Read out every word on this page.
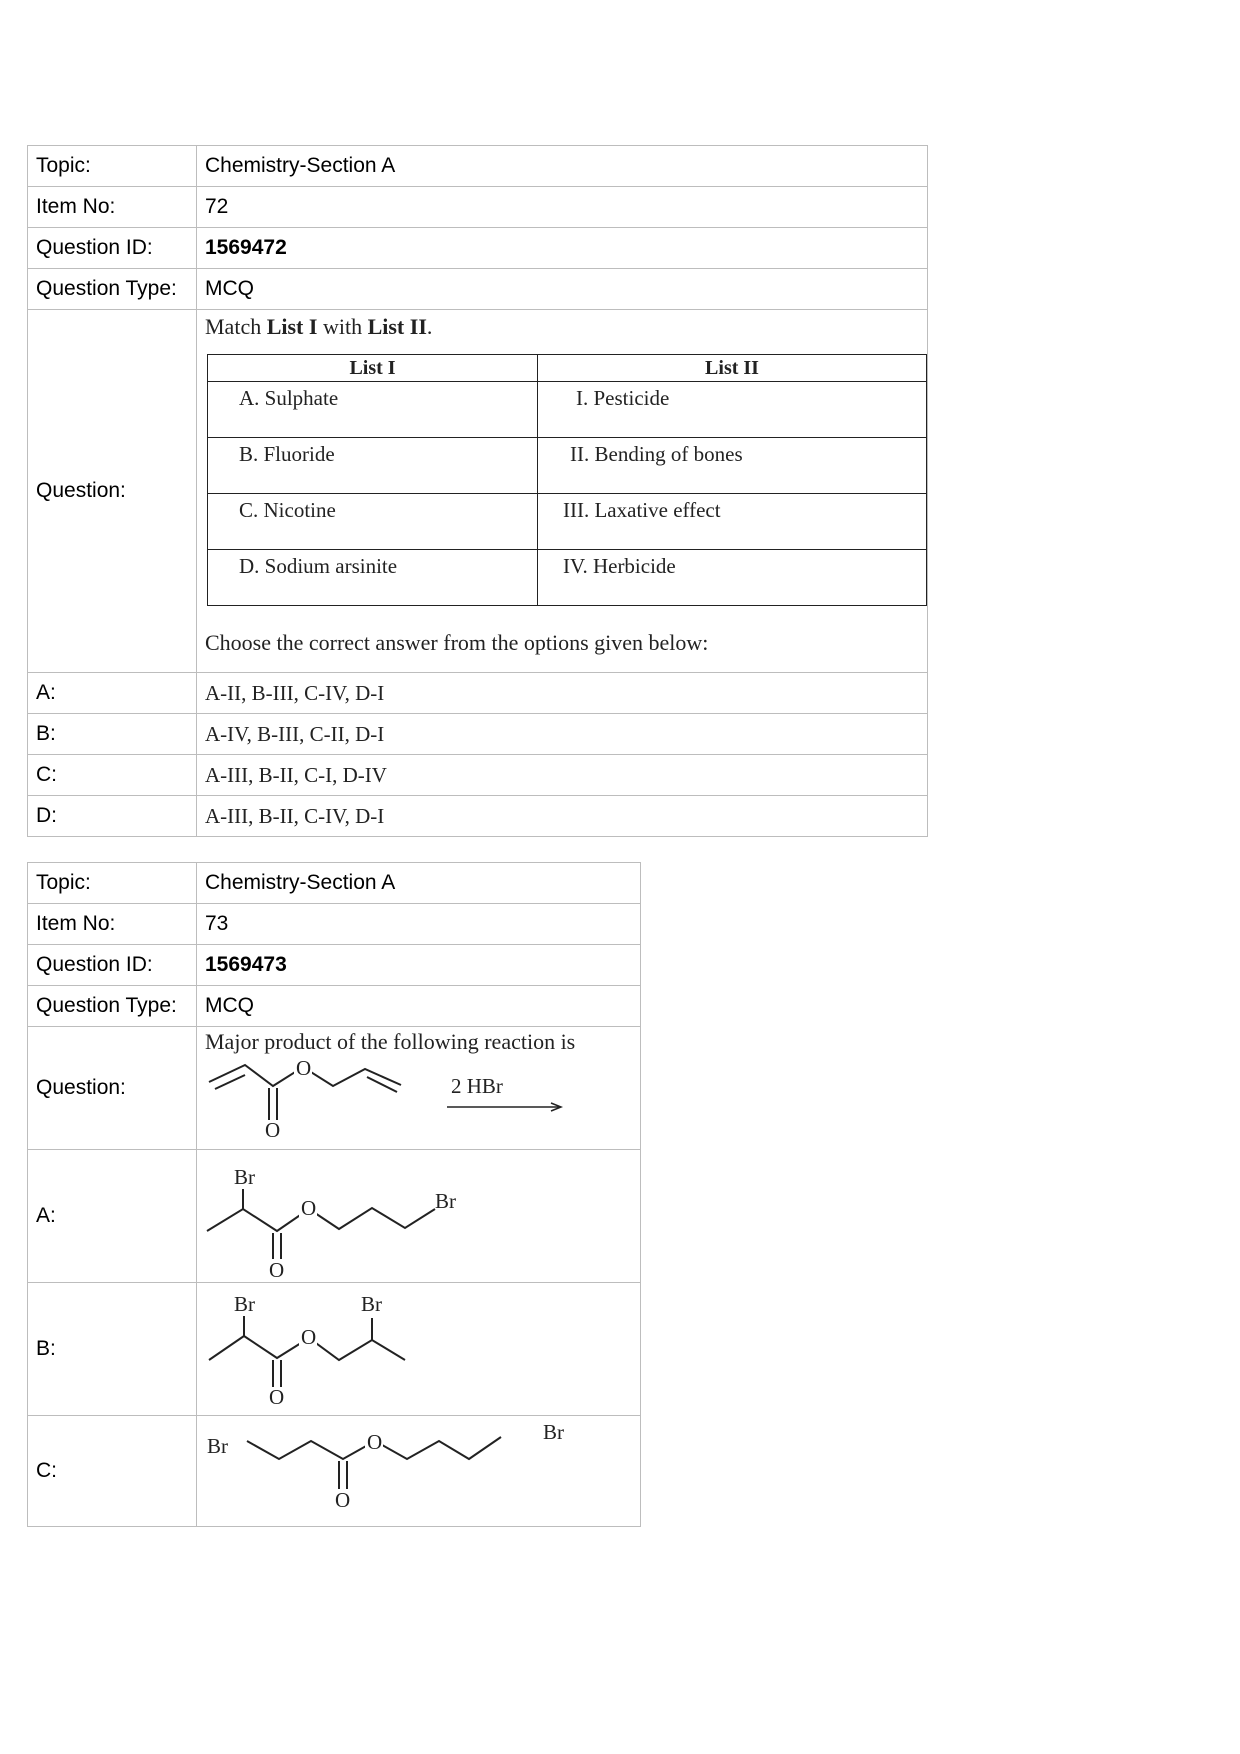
Topic:	Chemistry-Section A
Item No:	72
Question ID:	1569472
Question Type:	MCQ
Question:	
Match List I with List II.
List I	List II
A. Sulphate	I. Pesticide
B. Fluoride	II. Bending of bones
C. Nicotine	III. Laxative effect
D. Sodium arsinite	IV. Herbicide
Choose the correct answer from the options given below:

A:	A-II, B-III, C-IV, D-I
B:	A-IV, B-III, C-II, D-I
C:	A-III, B-II, C-I, D-IV
D:	A-III, B-II, C-IV, D-I
Topic:	Chemistry-Section A
Item No:	73
Question ID:	1569473
Question Type:	MCQ
Question:	Major product of the following reaction is
O
O
2 HBr

A:	Br
O
O
Br

B:	Br Br
O
O

C:	Br O
O
Br
